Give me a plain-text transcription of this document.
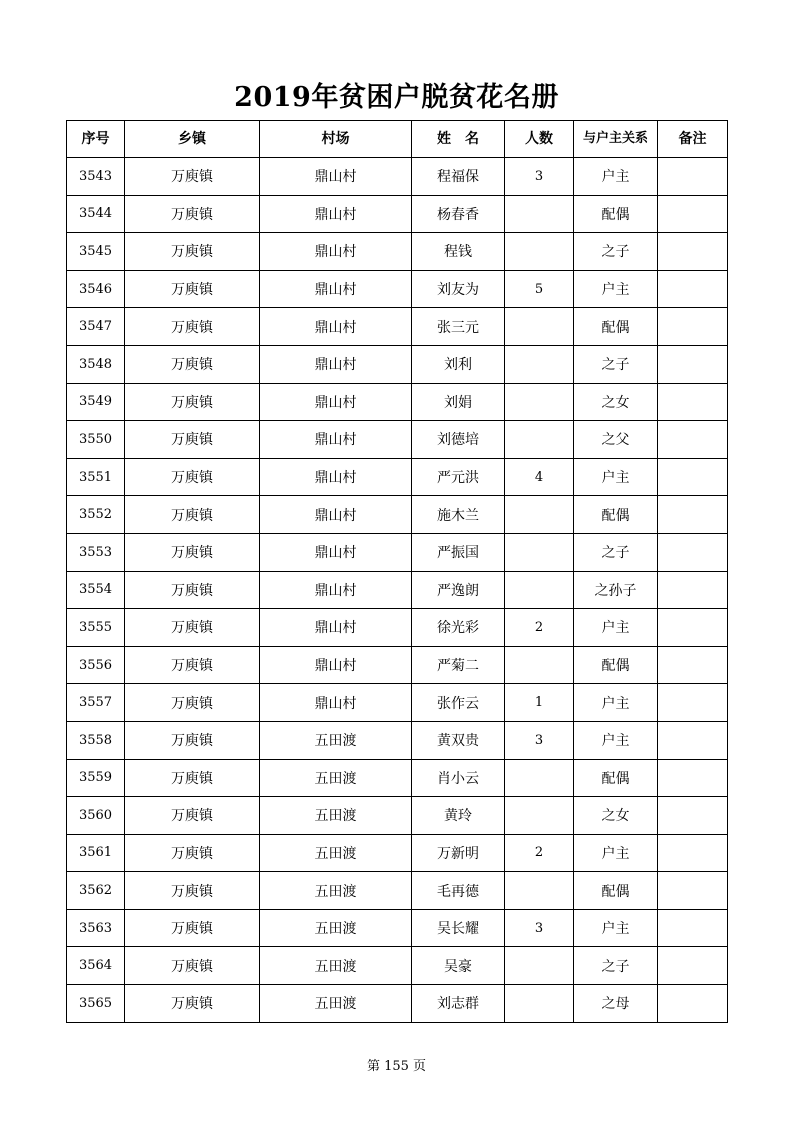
2019年贫困户脱贫花名册
序号	乡镇	村场	姓　名	人数	与户主关系	备注
3543	万庾镇	鼎山村	程福保	3	户主	
3544	万庾镇	鼎山村	杨春香		配偶	
3545	万庾镇	鼎山村	程钱		之子	
3546	万庾镇	鼎山村	刘友为	5	户主	
3547	万庾镇	鼎山村	张三元		配偶	
3548	万庾镇	鼎山村	刘利		之子	
3549	万庾镇	鼎山村	刘娟		之女	
3550	万庾镇	鼎山村	刘德培		之父	
3551	万庾镇	鼎山村	严元洪	4	户主	
3552	万庾镇	鼎山村	施木兰		配偶	
3553	万庾镇	鼎山村	严振国		之子	
3554	万庾镇	鼎山村	严逸朗		之孙子	
3555	万庾镇	鼎山村	徐光彩	2	户主	
3556	万庾镇	鼎山村	严菊二		配偶	
3557	万庾镇	鼎山村	张作云	1	户主	
3558	万庾镇	五田渡	黄双贵	3	户主	
3559	万庾镇	五田渡	肖小云		配偶	
3560	万庾镇	五田渡	黄玲		之女	
3561	万庾镇	五田渡	万新明	2	户主	
3562	万庾镇	五田渡	毛再德		配偶	
3563	万庾镇	五田渡	吴长耀	3	户主	
3564	万庾镇	五田渡	吴豪		之子	
3565	万庾镇	五田渡	刘志群		之母	
第 155 页
